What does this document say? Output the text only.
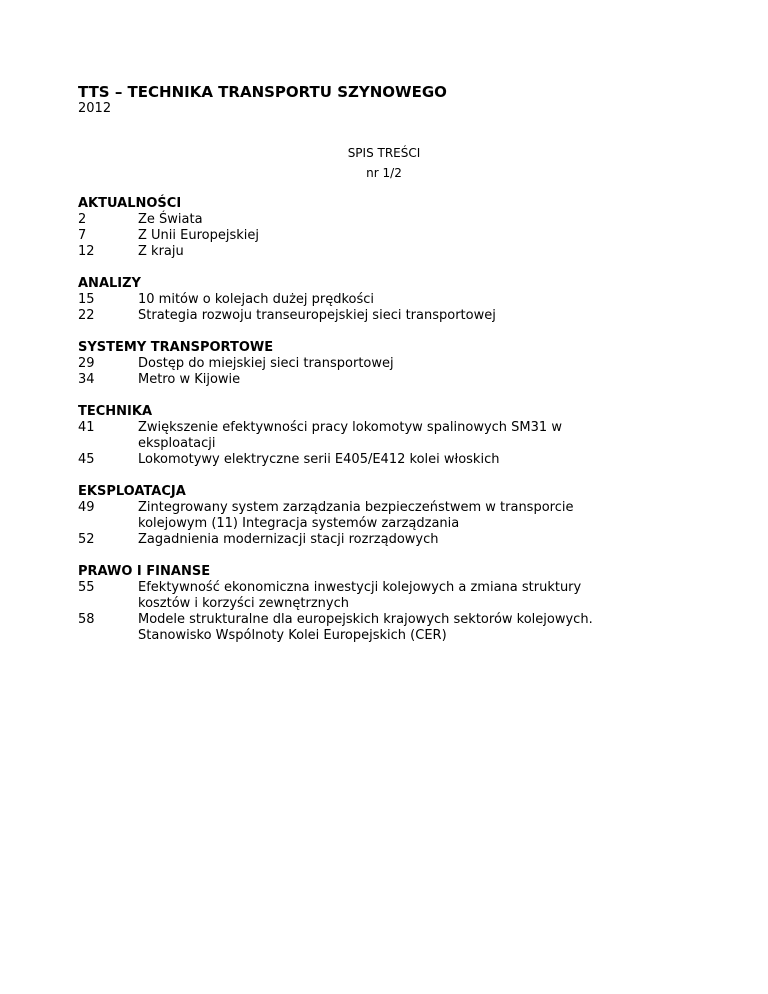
TTS – TECHNIKA TRANSPORTU SZYNOWEGO
2012
SPIS TREŚCI
nr 1/2
AKTUALNOŚCI
2	Ze Świata
7	Z Unii Europejskiej
12	Z kraju
ANALIZY
15	10 mitów o kolejach dużej prędkości
22	Strategia rozwoju transeuropejskiej sieci transportowej
SYSTEMY TRANSPORTOWE
29	Dostęp do miejskiej sieci transportowej
34	Metro w Kijowie
TECHNIKA
41	Zwiększenie efektywności pracy lokomotyw spalinowych SM31 w eksploatacji
45	Lokomotywy elektryczne serii E405/E412 kolei włoskich
EKSPLOATACJA
49	Zintegrowany system zarządzania bezpieczeństwem w transporcie kolejowym (11) Integracja systemów zarządzania
52	Zagadnienia modernizacji stacji rozrządowych
PRAWO I FINANSE
55	Efektywność ekonomiczna inwestycji kolejowych a zmiana struktury kosztów i korzyści zewnętrznych
58	Modele strukturalne dla europejskich krajowych sektorów kolejowych. Stanowisko Wspólnoty Kolei Europejskich (CER)
